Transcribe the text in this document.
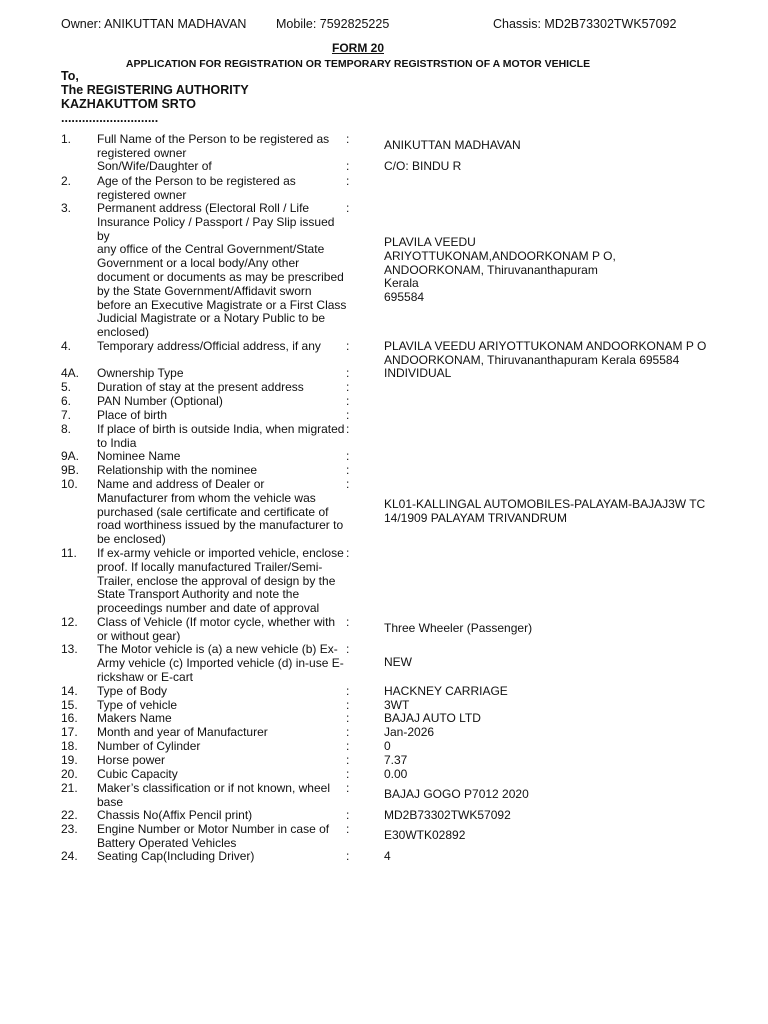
Owner: ANIKUTTAN MADHAVAN Mobile: 7592825225	Chassis: MD2B73302TWK57092
FORM 20
APPLICATION FOR REGISTRATION OR TEMPORARY REGISTRSTION OF A MOTOR VEHICLE
To,
The REGISTERING AUTHORITY
KAZHAKUTTOM SRTO
............................
1.	Full Name of the Person to be registered as
registered owner
:	ANIKUTTAN MADHAVAN
Son/Wife/Daughter of	:	C/O: BINDU R
2.	Age of the Person to be registered as
registered owner
:
3.	Permanent address (Electoral Roll / Life
Insurance Policy / Passport / Pay Slip issued
by
any office of the Central Government/State
Government or a local body/Any other
document or documents as may be prescribed
by the State Government/Affidavit sworn
before an Executive Magistrate or a First Class
Judicial Magistrate or a Notary Public to be
enclosed)
:
PLAVILA VEEDU
ARIYOTTUKONAM,ANDOORKONAM P O,
ANDOORKONAM, Thiruvananthapuram
Kerala
695584
4.	Temporary address/Official address, if any	:	PLAVILA VEEDU ARIYOTTUKONAM ANDOORKONAM P O
ANDOORKONAM, Thiruvananthapuram Kerala 695584
4A.	Ownership Type	:	INDIVIDUAL
5.	Duration of stay at the present address	:
6.	PAN Number (Optional)	:
7.	Place of birth	:
8.	If place of birth is outside India, when migrated
to India
:
9A.	Nominee Name	:
9B.	Relationship with the nominee	:
10.	Name and address of Dealer or
Manufacturer from whom the vehicle was
purchased (sale certificate and certificate of
road worthiness issued by the manufacturer to
be enclosed)
:
KL01-KALLINGAL AUTOMOBILES-PALAYAM-BAJAJ3W TC
14/1909 PALAYAM TRIVANDRUM
11.	If ex-army vehicle or imported vehicle, enclose
proof. If locally manufactured Trailer/Semi-
Trailer, enclose the approval of design by the
State Transport Authority and note the
proceedings number and date of approval
:
12.	Class of Vehicle (If motor cycle, whether with
or without gear)
:	Three Wheeler (Passenger)
13.	The Motor vehicle is (a) a new vehicle (b) Ex-
Army vehicle (c) Imported vehicle (d) in-use E-
rickshaw or E-cart
:
NEW
14.	Type of Body	:	HACKNEY CARRIAGE
15.	Type of vehicle	:	3WT
16.	Makers Name	:	BAJAJ AUTO LTD
17.	Month and year of Manufacturer	:	Jan-2026
18.	Number of Cylinder	:	0
19.	Horse power	:	7.37
20.	Cubic Capacity	:	0.00
21.	Maker’s classification or if not known, wheel
base
:	BAJAJ GOGO P7012 2020
22.	Chassis No(Affix Pencil print)	:	MD2B73302TWK57092
23.	Engine Number or Motor Number in case of
Battery Operated Vehicles
:	E30WTK02892
24.	Seating Cap(Including Driver)	:	4
